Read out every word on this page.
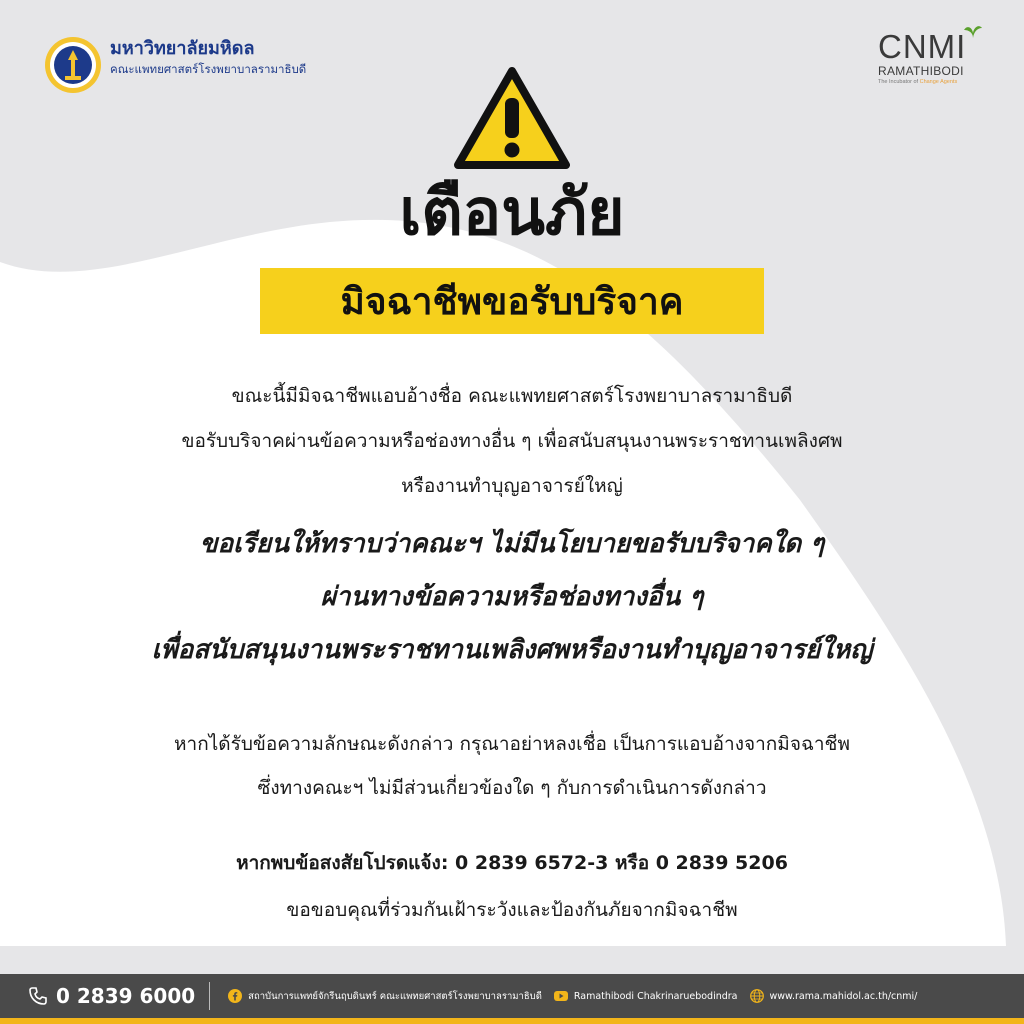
มหาวิทยาลัยมหิดล
คณะแพทยศาสตร์โรงพยาบาลรามาธิบดี
CNMI
RAMATHIBODI
The Incubator of Change Agents
เตือนภัย
มิจฉาชีพขอรับบริจาค
ขณะนี้มีมิจฉาชีพแอบอ้างชื่อ คณะแพทยศาสตร์โรงพยาบาลรามาธิบดี
ขอรับบริจาคผ่านข้อความหรือช่องทางอื่น ๆ เพื่อสนับสนุนงานพระราชทานเพลิงศพ
หรืองานทำบุญอาจารย์ใหญ่
ขอเรียนให้ทราบว่าคณะฯ ไม่มีนโยบายขอรับบริจาคใด ๆ
ผ่านทางข้อความหรือช่องทางอื่น ๆ
เพื่อสนับสนุนงานพระราชทานเพลิงศพหรืองานทำบุญอาจารย์ใหญ่
หากได้รับข้อความลักษณะดังกล่าว กรุณาอย่าหลงเชื่อ เป็นการแอบอ้างจากมิจฉาชีพ
ซึ่งทางคณะฯ ไม่มีส่วนเกี่ยวข้องใด ๆ กับการดำเนินการดังกล่าว
หากพบข้อสงสัยโปรดแจ้ง: 0 2839 6572-3 หรือ 0 2839 5206
ขอขอบคุณที่ร่วมกันเฝ้าระวังและป้องกันภัยจากมิจฉาชีพ
0 2839 6000	สถาบันการแพทย์จักรีนฤบดินทร์ คณะแพทยศาสตร์โรงพยาบาลรามาธิบดี	Ramathibodi Chakrinaruebodindra	www.rama.mahidol.ac.th/cnmi/
